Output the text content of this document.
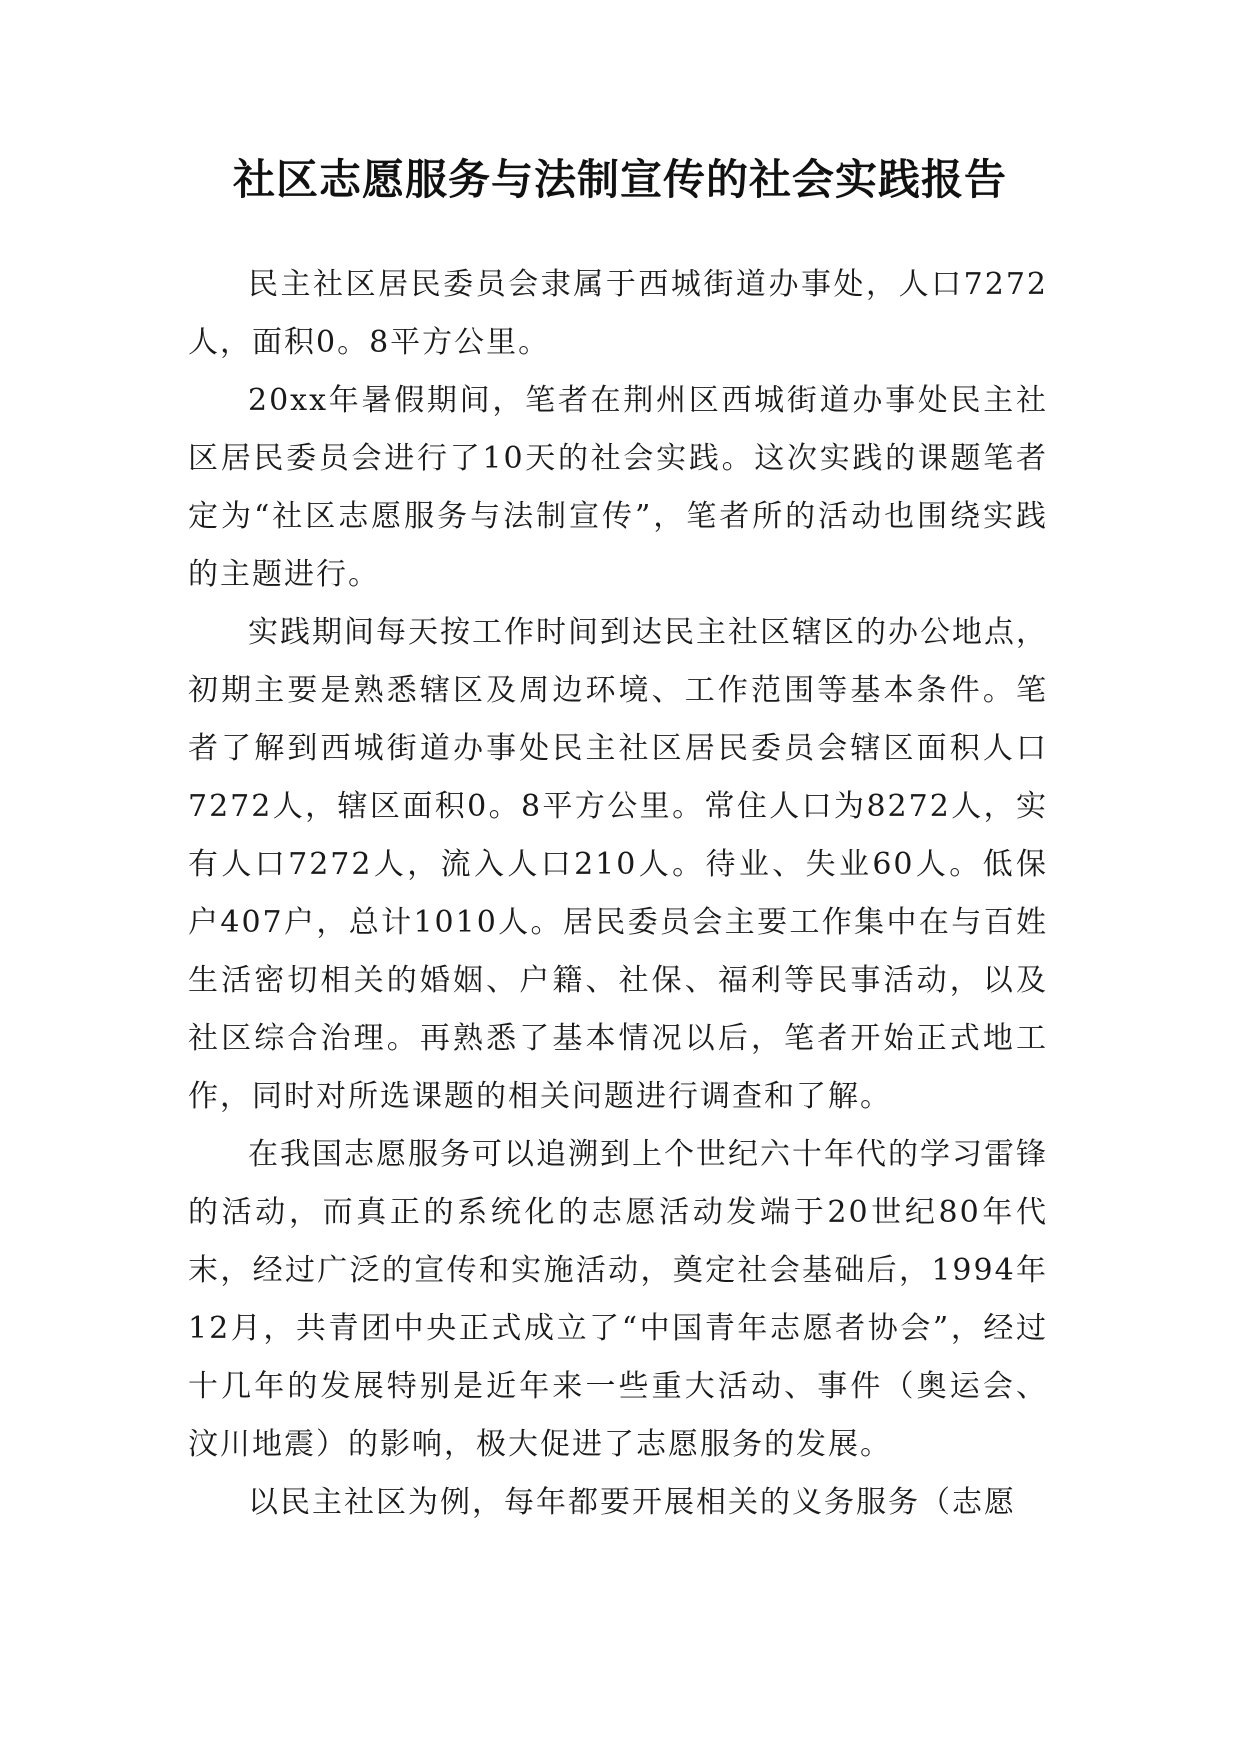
社区志愿服务与法制宣传的社会实践报告

民主社区居民委员会隶属于西城街道办事处，人口7272人，面积0。8平方公里。

20xx年暑假期间，笔者在荆州区西城街道办事处民主社区居民委员会进行了10天的社会实践。这次实践的课题笔者定为“社区志愿服务与法制宣传”，笔者所的活动也围绕实践的主题进行。

实践期间每天按工作时间到达民主社区辖区的办公地点，初期主要是熟悉辖区及周边环境、工作范围等基本条件。笔者了解到西城街道办事处民主社区居民委员会辖区面积人口7272人，辖区面积0。8平方公里。常住人口为8272人，实有人口7272人，流入人口210人。待业、失业60人。低保户407户，总计1010人。居民委员会主要工作集中在与百姓生活密切相关的婚姻、户籍、社保、福利等民事活动，以及社区综合治理。再熟悉了基本情况以后，笔者开始正式地工作，同时对所选课题的相关问题进行调查和了解。

在我国志愿服务可以追溯到上个世纪六十年代的学习雷锋的活动，而真正的系统化的志愿活动发端于20世纪80年代末，经过广泛的宣传和实施活动，奠定社会基础后，1994年12月，共青团中央正式成立了“中国青年志愿者协会”，经过十几年的发展特别是近年来一些重大活动、事件（奥运会、汶川地震）的影响，极大促进了志愿服务的发展。

以民主社区为例，每年都要开展相关的义务服务（志愿
